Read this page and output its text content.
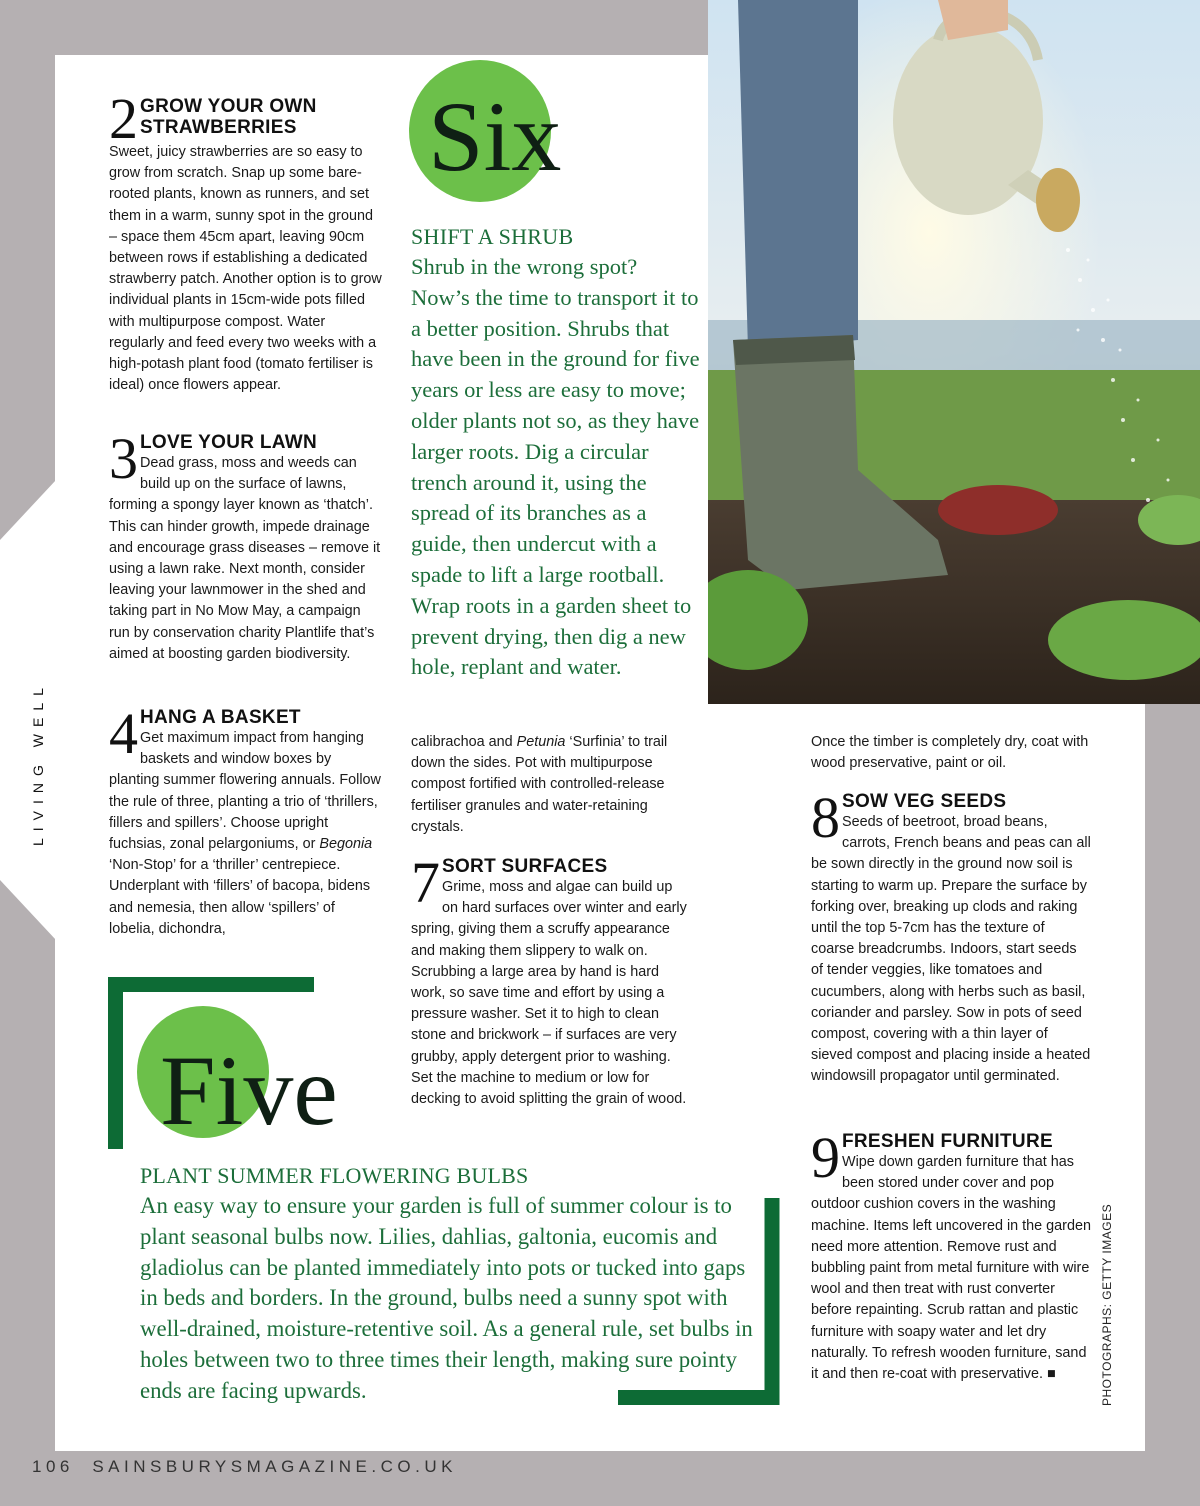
LIVING WELL
2 GROW YOUR OWN
STRAWBERRIES

Sweet, juicy strawberries are so easy to grow from scratch. Snap up some bare-rooted plants, known as runners, and set them in a warm, sunny spot in the ground – space them 45cm apart, leaving 90cm between rows if establishing a dedicated strawberry patch. Another option is to grow individual plants in 15cm-wide pots filled with multipurpose compost. Water regularly and feed every two weeks with a high-potash plant food (tomato fertiliser is ideal) once flowers appear.

3 LOVE YOUR LAWN

Dead grass, moss and weeds can build up on the surface of lawns, forming a spongy layer known as ‘thatch’. This can hinder growth, impede drainage and encourage grass diseases – remove it using a lawn rake. Next month, consider leaving your lawnmower in the shed and taking part in No Mow May, a campaign run by conservation charity Plantlife that’s aimed at boosting garden biodiversity.

4 HANG A BASKET

Get maximum impact from hanging baskets and window boxes by planting summer flowering annuals. Follow the rule of three, planting a trio of ‘thrillers, fillers and spillers’. Choose upright fuchsias, zonal pelargoniums, or Begonia ‘Non-Stop’ for a ‘thriller’ centrepiece. Underplant with ‘fillers’ of bacopa, bidens and nemesia, then allow ‘spillers’ of lobelia, dichondra,

Six
SHIFT A SHRUB

Shrub in the wrong spot? Now’s the time to transport it to a better position. Shrubs that have been in the ground for five years or less are easy to move; older plants not so, as they have larger roots. Dig a circular trench around it, using the spread of its branches as a guide, then undercut with a spade to lift a large rootball. Wrap roots in a garden sheet to prevent drying, then dig a new hole, replant and water.

calibrachoa and Petunia ‘Surfinia’ to trail down the sides. Pot with multipurpose compost fortified with controlled-release fertiliser granules and water-retaining crystals.

7 SORT SURFACES

Grime, moss and algae can build up on hard surfaces over winter and early spring, giving them a scruffy appearance and making them slippery to walk on. Scrubbing a large area by hand is hard work, so save time and effort by using a pressure washer. Set it to high to clean stone and brickwork – if surfaces are very grubby, apply detergent prior to washing. Set the machine to medium or low for decking to avoid splitting the grain of wood.

Once the timber is completely dry, coat with wood preservative, paint or oil.

8 SOW VEG SEEDS

Seeds of beetroot, broad beans, carrots, French beans and peas can all be sown directly in the ground now soil is starting to warm up. Prepare the surface by forking over, breaking up clods and raking until the top 5-7cm has the texture of coarse breadcrumbs. Indoors, start seeds of tender veggies, like tomatoes and cucumbers, along with herbs such as basil, coriander and parsley. Sow in pots of seed compost, covering with a thin layer of sieved compost and placing inside a heated windowsill propagator until germinated.

9 FRESHEN FURNITURE

Wipe down garden furniture that has been stored under cover and pop outdoor cushion covers in the washing machine. Items left uncovered in the garden need more attention. Remove rust and bubbling paint from metal furniture with wire wool and then treat with rust converter before repainting. Scrub rattan and plastic furniture with soapy water and let dry naturally. To refresh wooden furniture, sand it and then re-coat with preservative. ■

Five
PLANT SUMMER FLOWERING BULBS

An easy way to ensure your garden is full of summer colour is to plant seasonal bulbs now. Lilies, dahlias, galtonia, eucomis and gladiolus can be planted immediately into pots or tucked into gaps in beds and borders. In the ground, bulbs need a sunny spot with well-drained, moisture-retentive soil. As a general rule, set bulbs in holes between two to three times their length, making sure pointy ends are facing upwards.	PHOTOGRAPHS: GETTY IMAGES
106 SAINSBURYSMAGAZINE.CO.UK
